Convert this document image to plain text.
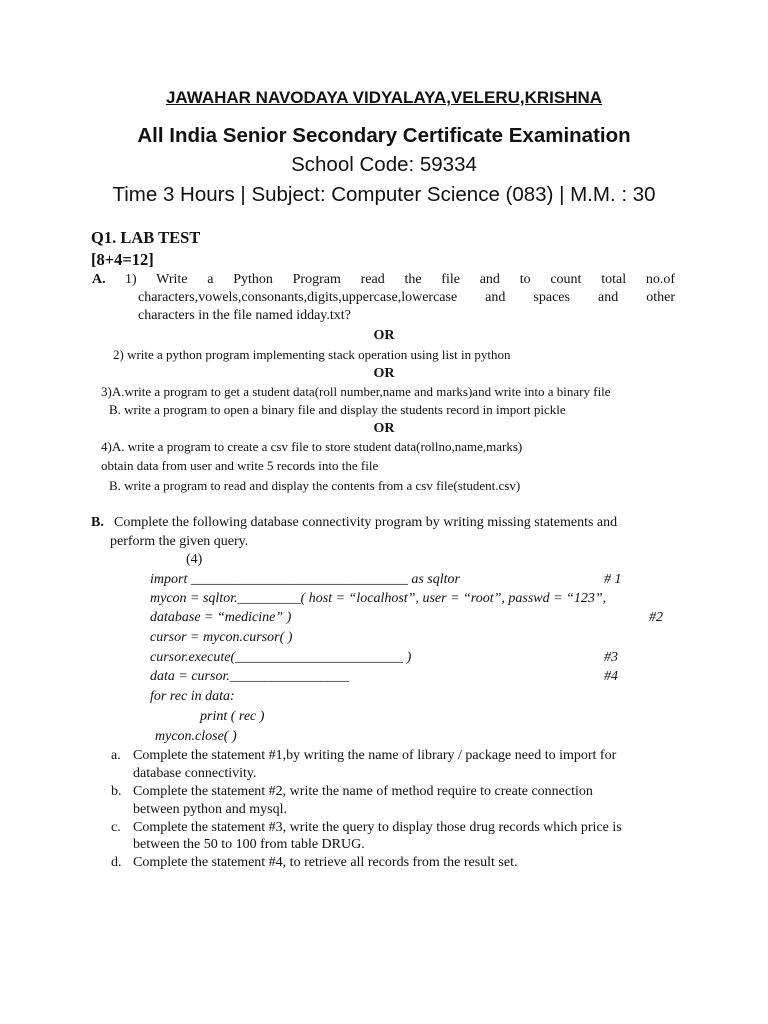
JAWAHAR NAVODAYA VIDYALAYA,VELERU,KRISHNA
All India Senior Secondary Certificate Examination
School Code: 59334
Time 3 Hours | Subject: Computer Science (083) | M.M. : 30
Q1. LAB TEST
[8+4=12]
A. 1) Write a Python Program read the file and to count total no.of
characters,vowels,consonants,digits,uppercase,lowercase and spaces and other
characters in the file named idday.txt?
OR
2) write a python program implementing stack operation using list in python
OR
3)A.write a program to get a student data(roll number,name and marks)and write into a binary file
B. write a program to open a binary file and display the students record in import pickle
OR
4)A. write a program to create a csv file to store student data(rollno,name,marks)
obtain data from user and write 5 records into the file
B. write a program to read and display the contents from a csv file(student.csv)
B. Complete the following database connectivity program by writing missing statements and
perform the given query.
(4)
import _______________________________ as sqltor	# 1
mycon = sqltor._________( host = “localhost”, user = “root”, passwd = “123”,
database = “medicine” )	#2
cursor = mycon.cursor( )
cursor.execute(________________________ )	#3
data = cursor._________________	#4
for rec in data:
print ( rec )
mycon.close( )
a. Complete the statement #1,by writing the name of library / package need to import for
database connectivity.
b. Complete the statement #2, write the name of method require to create connection
between python and mysql.
c. Complete the statement #3, write the query to display those drug records which price is
between the 50 to 100 from table DRUG.
d. Complete the statement #4, to retrieve all records from the result set.
